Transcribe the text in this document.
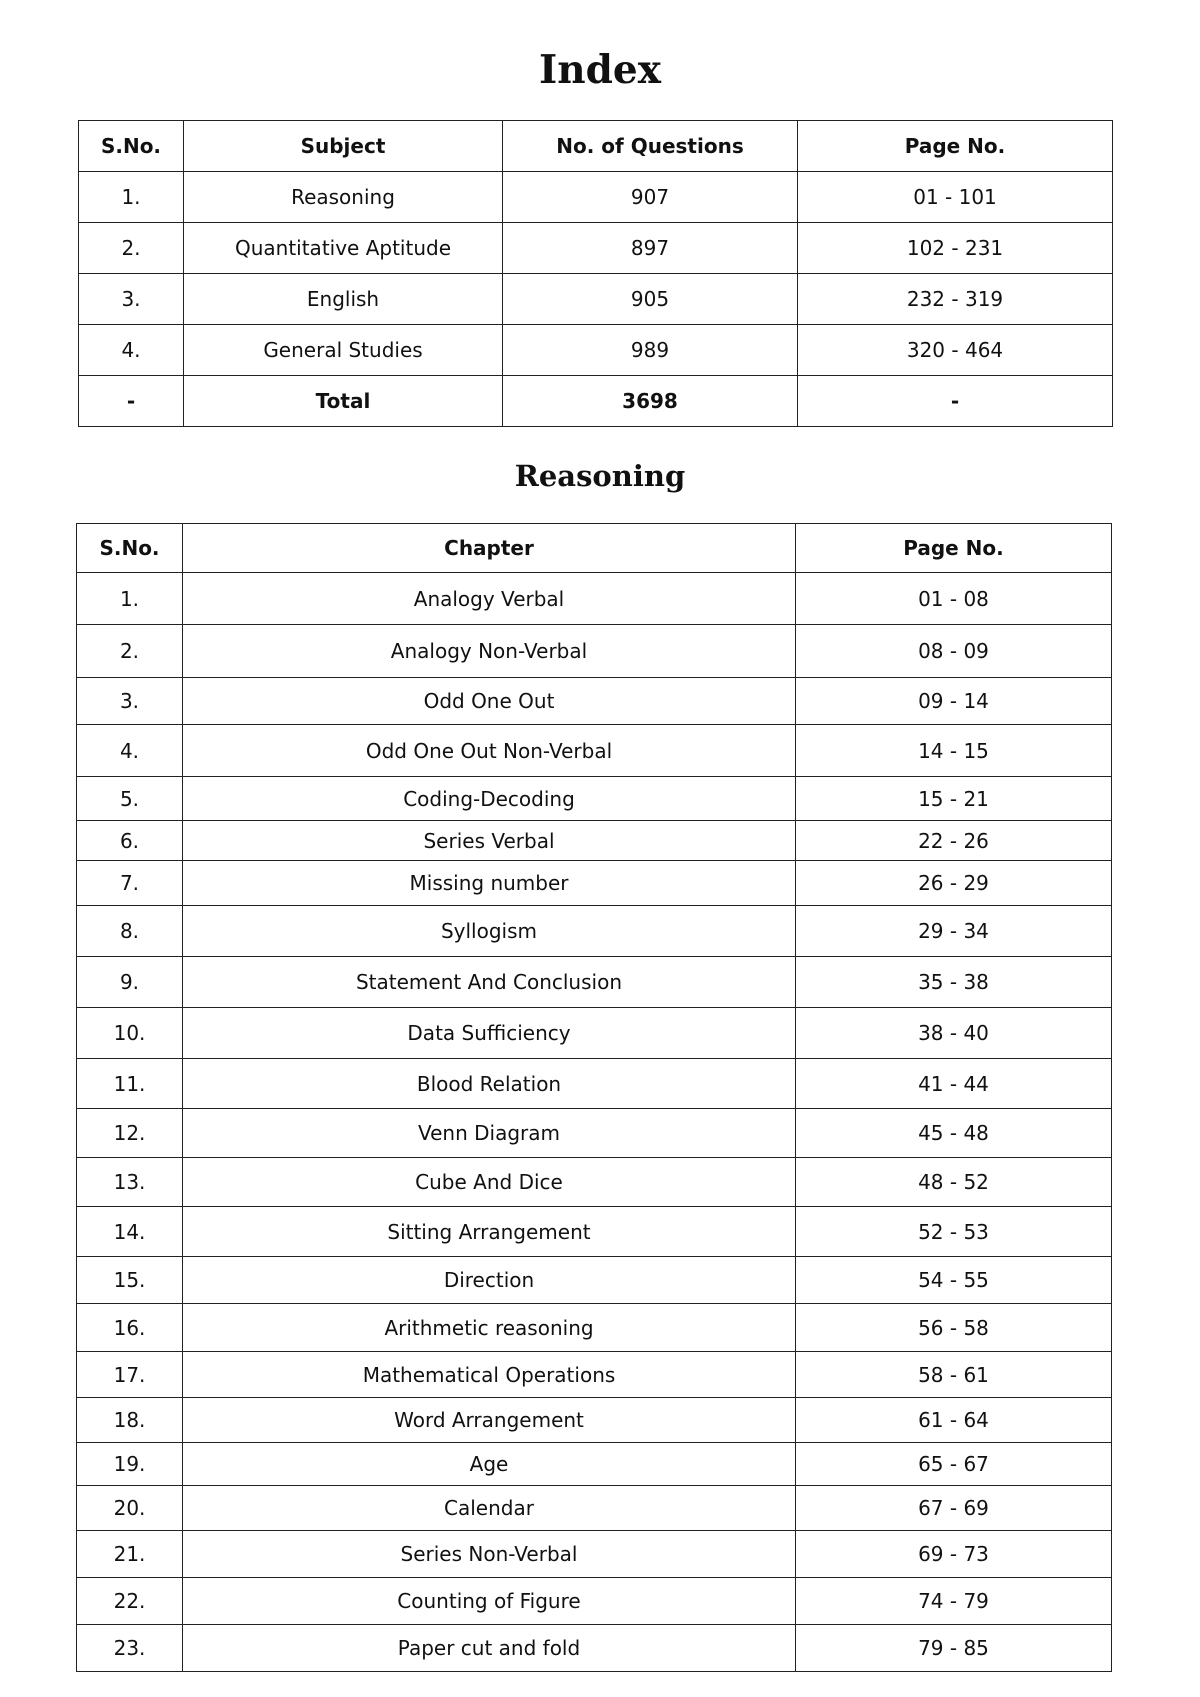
Index
S.No.	Subject	No. of Questions	Page No.
1.	Reasoning	907	01 - 101
2.	Quantitative Aptitude	897	102 - 231
3.	English	905	232 - 319
4.	General Studies	989	320 - 464
-	Total	3698	-
Reasoning
S.No.	Chapter	Page No.
1.	Analogy Verbal	01 - 08
2.	Analogy Non-Verbal	08 - 09
3.	Odd One Out	09 - 14
4.	Odd One Out Non-Verbal	14 - 15
5.	Coding-Decoding	15 - 21
6.	Series Verbal	22 - 26
7.	Missing number	26 - 29
8.	Syllogism	29 - 34
9.	Statement And Conclusion	35 - 38
10.	Data Sufficiency	38 - 40
11.	Blood Relation	41 - 44
12.	Venn Diagram	45 - 48
13.	Cube And Dice	48 - 52
14.	Sitting Arrangement	52 - 53
15.	Direction	54 - 55
16.	Arithmetic reasoning	56 - 58
17.	Mathematical Operations	58 - 61
18.	Word Arrangement	61 - 64
19.	Age	65 - 67
20.	Calendar	67 - 69
21.	Series Non-Verbal	69 - 73
22.	Counting of Figure	74 - 79
23.	Paper cut and fold	79 - 85
